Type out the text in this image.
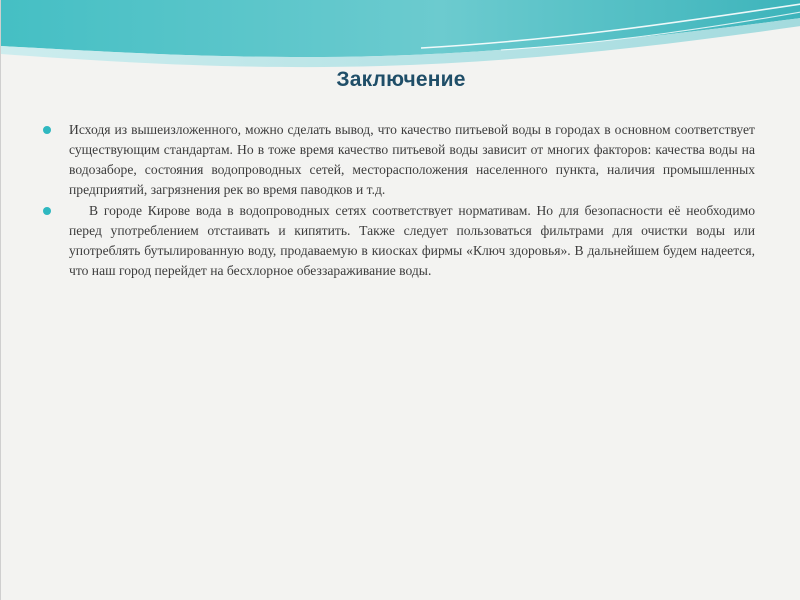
Заключение

Исходя из вышеизложенного, можно сделать вывод, что качество питьевой воды в городах в основном соответствует существующим стандартам. Но в тоже время качество питьевой воды зависит от многих факторов: качества воды на водозаборе, состояния водопроводных сетей, месторасположения населенного пункта, наличия промышленных предприятий, загрязнения рек во время паводков и т.д.

В городе Кирове вода в водопроводных сетях соответствует нормативам. Но для безопасности её необходимо перед употреблением отстаивать и кипятить. Также следует пользоваться фильтрами для очистки воды или употреблять бутылированную воду, продаваемую в киосках фирмы «Ключ здоровья». В дальнейшем будем надеется, что наш город перейдет на бесхлорное обеззараживание воды.
